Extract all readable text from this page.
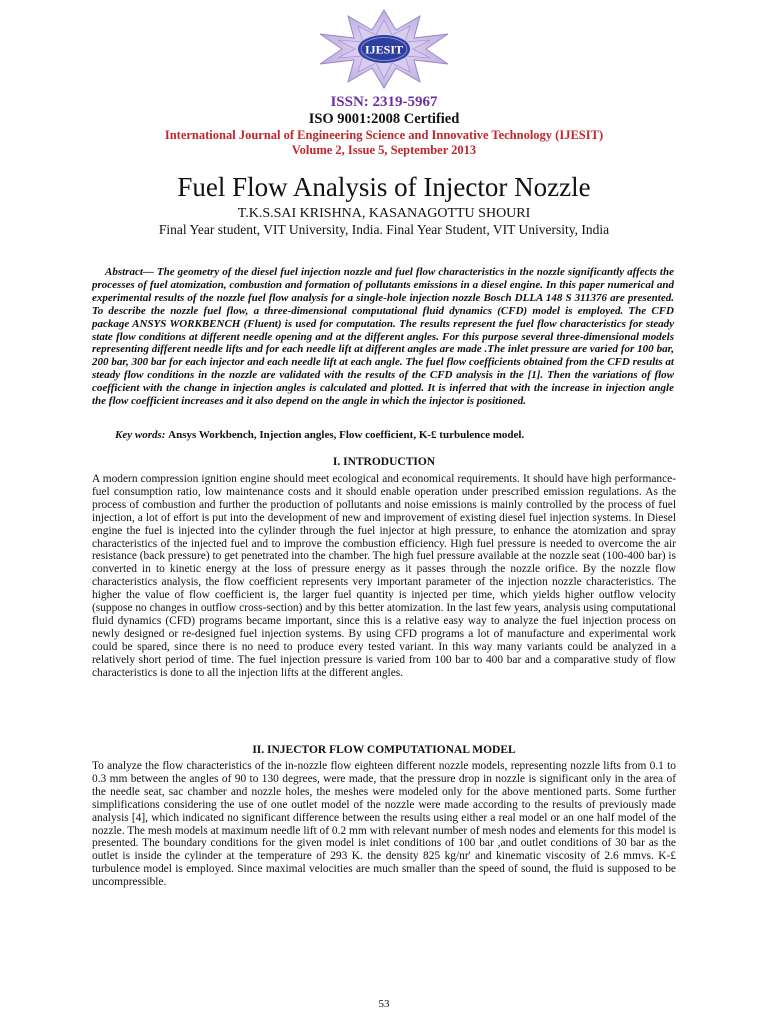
IJESIT
ISSN: 2319-5967
ISO 9001:2008 Certified
International Journal of Engineering Science and Innovative Technology (IJESIT)
Volume 2, Issue 5, September 2013
Fuel Flow Analysis of Injector Nozzle
T.K.S.SAI KRISHNA, KASANAGOTTU SHOURI
Final Year student, VIT University, India. Final Year Student, VIT University, India
Abstract— The geometry of the diesel fuel injection nozzle and fuel flow characteristics in the nozzle significantly affects the processes of fuel atomization, combustion and formation of pollutants emissions in a diesel engine. In this paper numerical and experimental results of the nozzle fuel flow analysis for a single-hole injection nozzle Bosch DLLA 148 S 311376 are presented. To describe the nozzle fuel flow, a three-dimensional computational fluid dynamics (CFD) model is employed. The CFD package ANSYS WORKBENCH (Fluent) is used for computation. The results represent the fuel flow characteristics for steady state flow conditions at different needle opening and at the different angles. For this purpose several three-dimensional models representing different needle lifts and for each needle lift at different angles are made .The inlet pressure are varied for 100 bar, 200 bar, 300 bar for each injector and each needle lift at each angle. The fuel flow coefficients obtained from the CFD results at steady flow conditions in the nozzle are validated with the results of the CFD analysis in the [1]. Then the variations of flow coefficient with the change in injection angles is calculated and plotted. It is inferred that with the increase in injection angle the flow coefficient increases and it also depend on the angle in which the injector is positioned.
Key words: Ansys Workbench, Injection angles, Flow coefficient, K-£ turbulence model.
I. INTRODUCTION
A modern compression ignition engine should meet ecological and economical requirements. It should have high performance-fuel consumption ratio, low maintenance costs and it should enable operation under prescribed emission regulations. As the process of combustion and further the production of pollutants and noise emissions is mainly controlled by the process of fuel injection, a lot of effort is put into the development of new and improvement of existing diesel fuel injection systems. In Diesel engine the fuel is injected into the cylinder through the fuel injector at high pressure, to enhance the atomization and spray characteristics of the injected fuel and to improve the combustion efficiency. High fuel pressure is needed to overcome the air resistance (back pressure) to get penetrated into the chamber. The high fuel pressure available at the nozzle seat (100-400 bar) is converted in to kinetic energy at the loss of pressure energy as it passes through the nozzle orifice. By the nozzle flow characteristics analysis, the flow coefficient represents very important parameter of the injection nozzle characteristics. The higher the value of flow coefficient is, the larger fuel quantity is injected per time, which yields higher outflow velocity (suppose no changes in outflow cross-section) and by this better atomization. In the last few years, analysis using computational fluid dynamics (CFD) programs became important, since this is a relative easy way to analyze the fuel injection process on newly designed or re-designed fuel injection systems. By using CFD programs a lot of manufacture and experimental work could be spared, since there is no need to produce every tested variant. In this way many variants could be analyzed in a relatively short period of time. The fuel injection pressure is varied from 100 bar to 400 bar and a comparative study of flow characteristics is done to all the injection lifts at the different angles.
II. INJECTOR FLOW COMPUTATIONAL MODEL
To analyze the flow characteristics of the in-nozzle flow eighteen different nozzle models, representing nozzle lifts from 0.1 to 0.3 mm between the angles of 90 to 130 degrees, were made, that the pressure drop in nozzle is significant only in the area of the needle seat, sac chamber and nozzle holes, the meshes were modeled only for the above mentioned parts. Some further simplifications considering the use of one outlet model of the nozzle were made according to the results of previously made analysis [4], which indicated no significant difference between the results using either a real model or an one half model of the nozzle. The mesh models at maximum needle lift of 0.2 mm with relevant number of mesh nodes and elements for this model is presented. The boundary conditions for the given model is inlet conditions of 100 bar ,and outlet conditions of 30 bar as the outlet is inside the cylinder at the temperature of 293 K. the density 825 kg/nr' and kinematic viscosity of 2.6 mmvs. K-£ turbulence model is employed. Since maximal velocities are much smaller than the speed of sound, the fluid is supposed to be uncompressible.
53
